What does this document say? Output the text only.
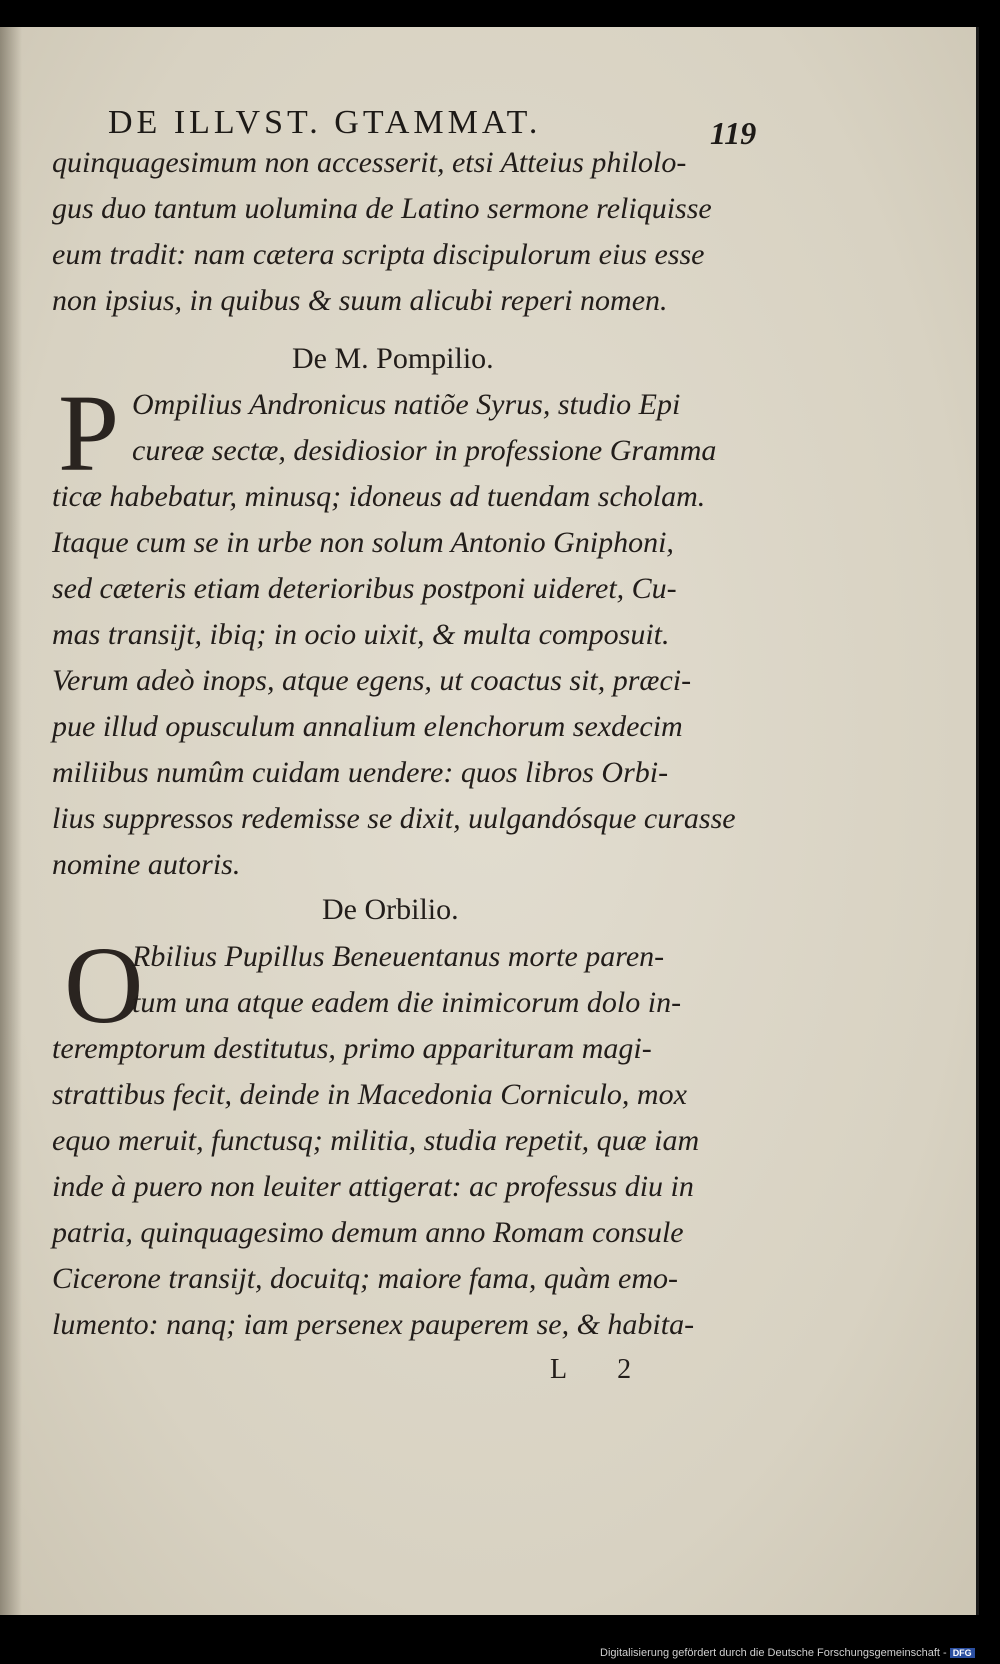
DE ILLVST. GTAMMAT.	119
quinquagesimum non accesserit, etsi Atteius philolo-
gus duo tantum uolumina de Latino sermone reliquisse
eum tradit: nam cætera scripta discipulorum eius esse
non ipsius, in quibus & suum alicubi reperi nomen.
De M. Pompilio.
P Ompilius Andronicus natiõe Syrus, studio Epi
cureæ sectæ, desidiosior in professione Gramma
ticæ habebatur, minusq; idoneus ad tuendam scholam.
Itaque cum se in urbe non solum Antonio Gniphoni,
sed cæteris etiam deterioribus postponi uideret, Cu-
mas transijt, ibiq; in ocio uixit, & multa composuit.
Verum adeò inops, atque egens, ut coactus sit, præci-
pue illud opusculum annalium elenchorum sexdecim
miliibus numûm cuidam uendere: quos libros Orbi-
lius suppressos redemisse se dixit, uulgandósque curasse
nomine autoris.
De Orbilio.
O
Rbilius Pupillus Beneuentanus morte paren-
tum una atque eadem die inimicorum dolo in-
teremptorum destitutus, primo apparituram magi-
strattibus fecit, deinde in Macedonia Corniculo, mox
equo meruit, functusq; militia, studia repetit, quæ iam
inde à puero non leuiter attigerat: ac professus diu in
patria, quinquagesimo demum anno Romam consule
Cicerone transijt, docuitq; maiore fama, quàm emo-
lumento: nanq; iam persenex pauperem se, & habita-
L 2
Digitalisierung gefördert durch die Deutsche Forschungsgemeinschaft - DFG
